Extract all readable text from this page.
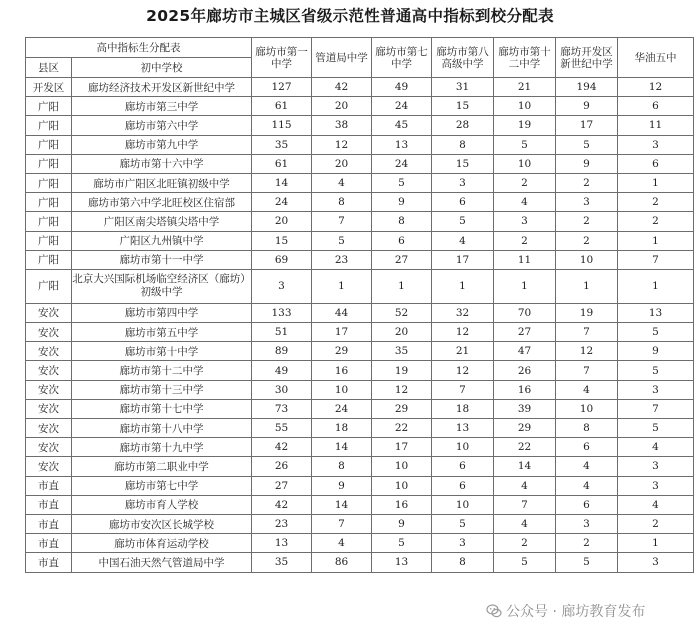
2025年廊坊市主城区省级示范性普通高中指标到校分配表
高中指标生分配表		廊坊市第一中学	管道局中学	廊坊市第七中学	廊坊市第八高级中学	廊坊市第十二中学	廊坊开发区新世纪中学	华油五中
县区	初中学校							
开发区	廊坊经济技术开发区新世纪中学	127	42	49	31	21	194	12
广阳	廊坊市第三中学	61	20	24	15	10	9	6
广阳	廊坊市第六中学	115	38	45	28	19	17	11
广阳	廊坊市第九中学	35	12	13	8	5	5	3
广阳	廊坊市第十六中学	61	20	24	15	10	9	6
广阳	廊坊市广阳区北旺镇初级中学	14	4	5	3	2	2	1
广阳	廊坊市第六中学北旺校区住宿部	24	8	9	6	4	3	2
广阳	广阳区南尖塔镇尖塔中学	20	7	8	5	3	2	2
广阳	广阳区九州镇中学	15	5	6	4	2	2	1
广阳	廊坊市第十一中学	69	23	27	17	11	10	7
广阳	北京大兴国际机场临空经济区（廊坊）初级中学	3	1	1	1	1	1	1
安次	廊坊市第四中学	133	44	52	32	70	19	13
安次	廊坊市第五中学	51	17	20	12	27	7	5
安次	廊坊市第十中学	89	29	35	21	47	12	9
安次	廊坊市第十二中学	49	16	19	12	26	7	5
安次	廊坊市第十三中学	30	10	12	7	16	4	3
安次	廊坊市第十七中学	73	24	29	18	39	10	7
安次	廊坊市第十八中学	55	18	22	13	29	8	5
安次	廊坊市第十九中学	42	14	17	10	22	6	4
安次	廊坊市第二职业中学	26	8	10	6	14	4	3
市直	廊坊市第七中学	27	9	10	6	4	4	3
市直	廊坊市育人学校	42	14	16	10	7	6	4
市直	廊坊市安次区长城学校	23	7	9	5	4	3	2
市直	廊坊市体育运动学校	13	4	5	3	2	2	1
市直	中国石油天然气管道局中学	35	86	13	8	5	5	3
公众号 · 廊坊教育发布
